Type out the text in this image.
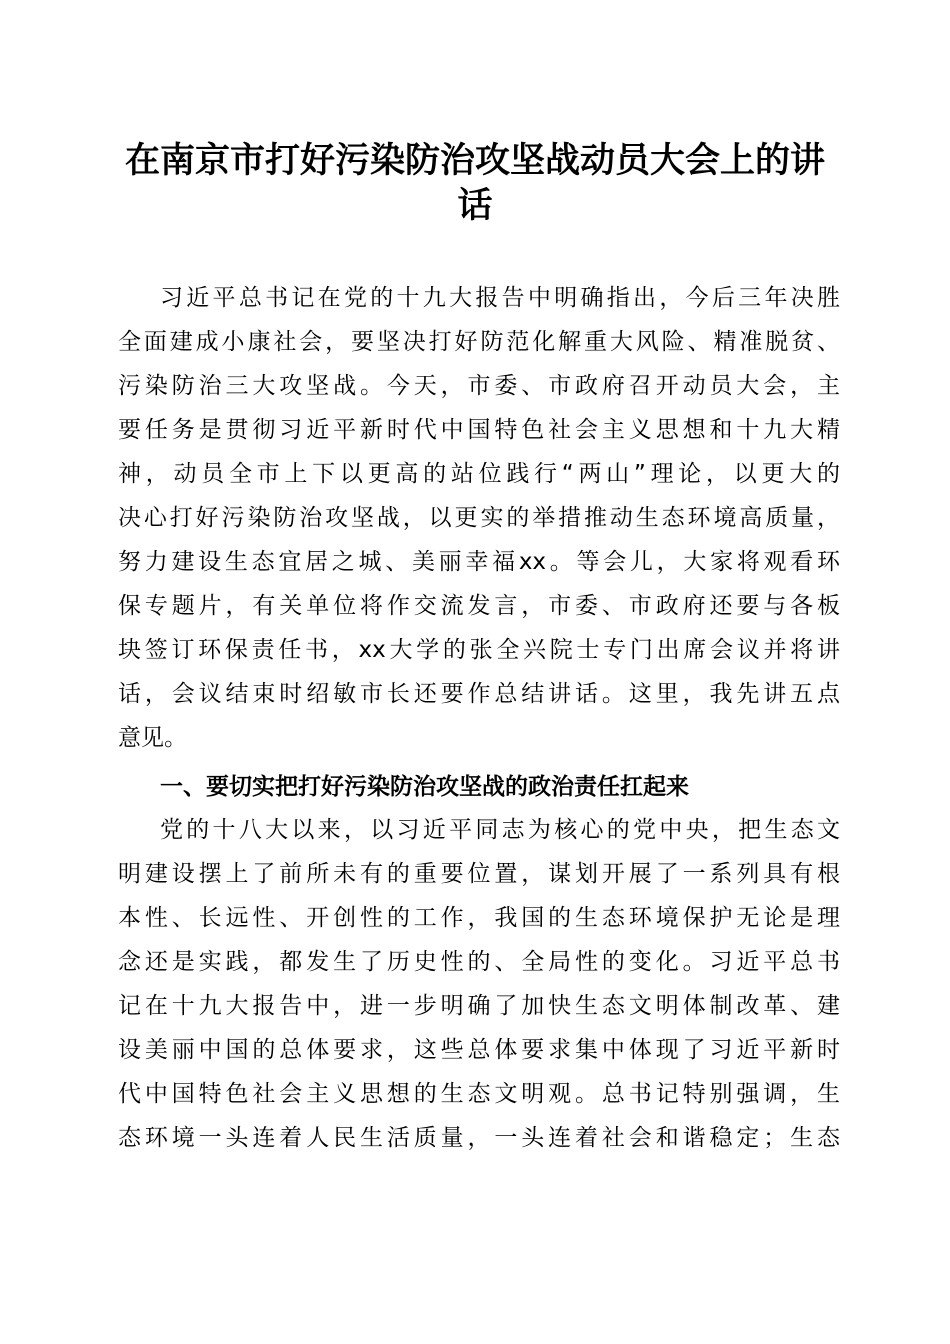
在南京市打好污染防治攻坚战动员大会上的讲
话
习近平总书记在党的十九大报告中明确指出，今后三年决胜
全面建成小康社会，要坚决打好防范化解重大风险、精准脱贫、
污染防治三大攻坚战。今天，市委、市政府召开动员大会，主
要任务是贯彻习近平新时代中国特色社会主义思想和十九大精
神，动员全市上下以更高的站位践行“两山”理论，以更大的
决心打好污染防治攻坚战，以更实的举措推动生态环境高质量，
努力建设生态宜居之城、美丽幸福xx。等会儿，大家将观看环
保专题片，有关单位将作交流发言，市委、市政府还要与各板
块签订环保责任书，xx大学的张全兴院士专门出席会议并将讲
话，会议结束时绍敏市长还要作总结讲话。这里，我先讲五点
意见。
一、要切实把打好污染防治攻坚战的政治责任扛起来
党的十八大以来，以习近平同志为核心的党中央，把生态文
明建设摆上了前所未有的重要位置，谋划开展了一系列具有根
本性、长远性、开创性的工作，我国的生态环境保护无论是理
念还是实践，都发生了历史性的、全局性的变化。习近平总书
记在十九大报告中，进一步明确了加快生态文明体制改革、建
设美丽中国的总体要求，这些总体要求集中体现了习近平新时
代中国特色社会主义思想的生态文明观。总书记特别强调，生
态环境一头连着人民生活质量，一头连着社会和谐稳定；生态
